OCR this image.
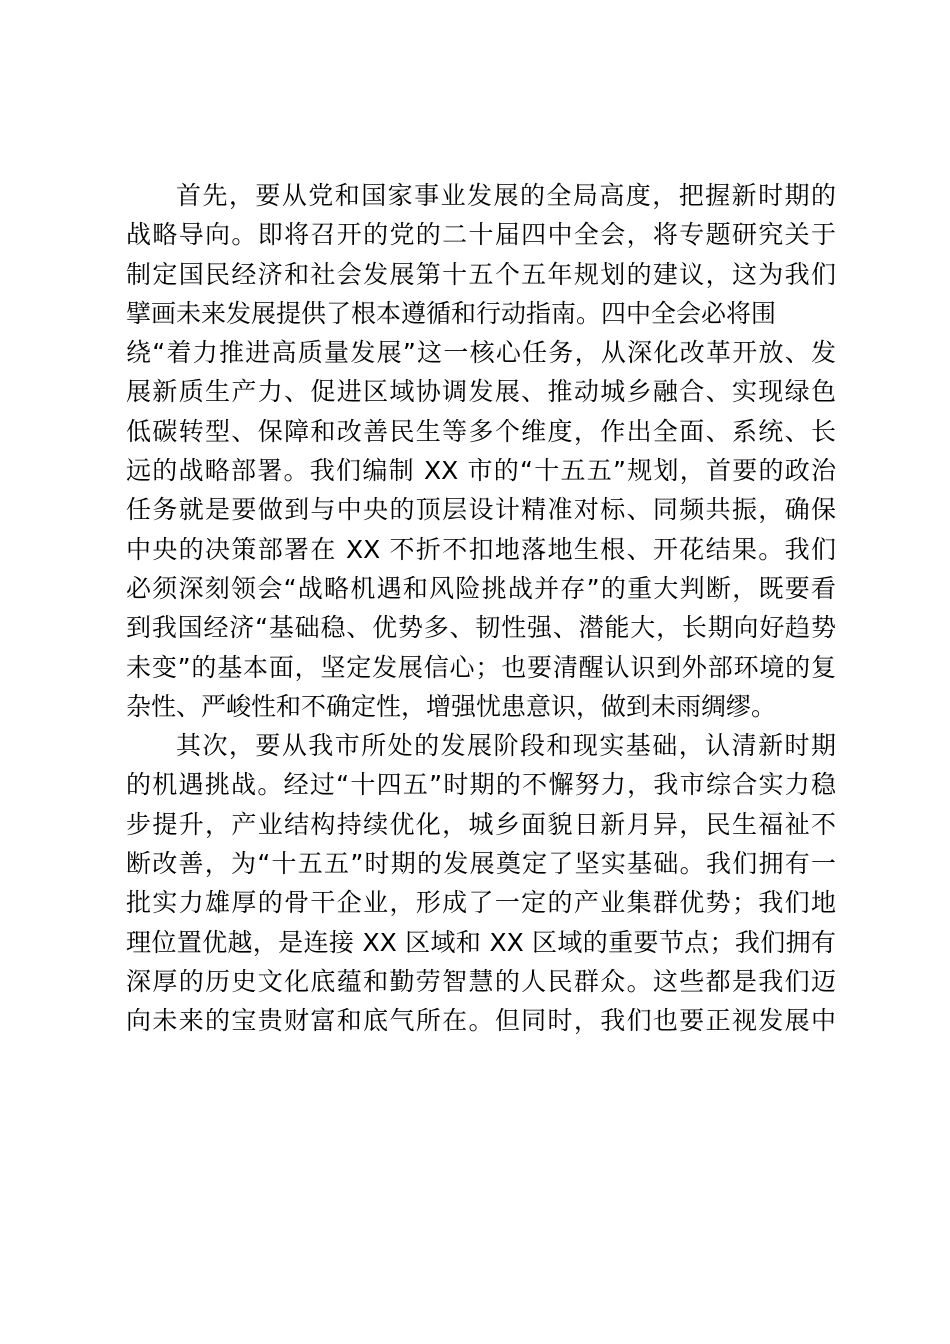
首先，要从党和国家事业发展的全局高度，把握新时期的
战略导向。即将召开的党的二十届四中全会，将专题研究关于
制定国民经济和社会发展第十五个五年规划的建议，这为我们
擘画未来发展提供了根本遵循和行动指南。四中全会必将围
绕“着力推进高质量发展”这一核心任务，从深化改革开放、发
展新质生产力、促进区域协调发展、推动城乡融合、实现绿色
低碳转型、保障和改善民生等多个维度，作出全面、系统、长
远的战略部署。我们编制 XX 市的“十五五”规划，首要的政治
任务就是要做到与中央的顶层设计精准对标、同频共振，确保
中央的决策部署在 XX 不折不扣地落地生根、开花结果。我们
必须深刻领会“战略机遇和风险挑战并存”的重大判断，既要看
到我国经济“基础稳、优势多、韧性强、潜能大，长期向好趋势
未变”的基本面，坚定发展信心；也要清醒认识到外部环境的复
杂性、严峻性和不确定性，增强忧患意识，做到未雨绸缪。
其次，要从我市所处的发展阶段和现实基础，认清新时期
的机遇挑战。经过“十四五”时期的不懈努力，我市综合实力稳
步提升，产业结构持续优化，城乡面貌日新月异，民生福祉不
断改善，为“十五五”时期的发展奠定了坚实基础。我们拥有一
批实力雄厚的骨干企业，形成了一定的产业集群优势；我们地
理位置优越，是连接 XX 区域和 XX 区域的重要节点；我们拥有
深厚的历史文化底蕴和勤劳智慧的人民群众。这些都是我们迈
向未来的宝贵财富和底气所在。但同时，我们也要正视发展中
